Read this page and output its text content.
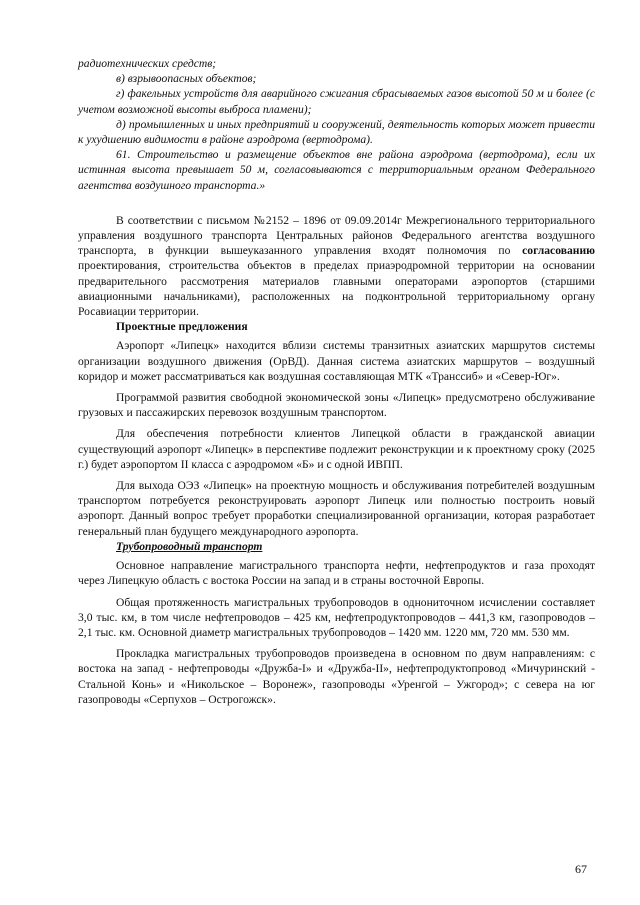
радиотехнических средств;

в) взрывоопасных объектов;

г) факельных устройств для аварийного сжигания сбрасываемых газов высотой 50 м и более (с учетом возможной высоты выброса пламени);

д) промышленных и иных предприятий и сооружений, деятельность которых может привести к ухудшению видимости в районе аэродрома (вертодрома).

61. Строительство и размещение объектов вне района аэродрома (вертодрома), если их истинная высота превышает 50 м, согласовываются с территориальным органом Федерального агентства воздушного транспорта.»

В соответствии с письмом №2152 – 1896 от 09.09.2014г Межрегионального территориального управления воздушного транспорта Центральных районов Федерального агентства воздушного транспорта, в функции вышеуказанного управления входят полномочия по согласованию проектирования, строительства объектов в пределах приаэродромной территории на основании предварительного рассмотрения материалов главными операторами аэропортов (старшими авиационными начальниками), расположенных на подконтрольной территориальному органу Росавиации территории.

Проектные предложения

Аэропорт «Липецк» находится вблизи системы транзитных азиатских маршрутов системы организации воздушного движения (ОрВД). Данная система азиатских маршрутов – воздушный коридор и может рассматриваться как воздушная составляющая МТК «Транссиб» и «Север-Юг».

Программой развития свободной экономической зоны «Липецк» предусмотрено обслуживание грузовых и пассажирских перевозок воздушным транспортом.

Для обеспечения потребности клиентов Липецкой области в гражданской авиации существующий аэропорт «Липецк» в перспективе подлежит реконструкции и к проектному сроку (2025 г.) будет аэропортом II класса с аэродромом «Б» и с одной ИВПП.

Для выхода ОЭЗ «Липецк» на проектную мощность и обслуживания потребителей воздушным транспортом потребуется реконструировать аэропорт Липецк или полностью построить новый аэропорт. Данный вопрос требует проработки специализированной организации, которая разработает генеральный план будущего международного аэропорта.

Трубопроводный транспорт

Основное направление магистрального транспорта нефти, нефтепродуктов и газа проходят через Липецкую область с востока России на запад и в страны восточной Европы.

Общая протяженность магистральных трубопроводов в однониточном исчислении составляет 3,0 тыс. км, в том числе нефтепроводов – 425 км, нефтепродуктопроводов – 441,3 км, газопроводов – 2,1 тыс. км. Основной диаметр магистральных трубопроводов – 1420 мм. 1220 мм, 720 мм. 530 мм.

Прокладка магистральных трубопроводов произведена в основном по двум направлениям: с востока на запад - нефтепроводы «Дружба-I» и «Дружба-II», нефтепродуктопровод «Мичуринский - Стальной Конь» и «Никольское – Воронеж», газопроводы «Уренгой – Ужгород»; с севера на юг газопроводы «Серпухов – Острогожск».

67
